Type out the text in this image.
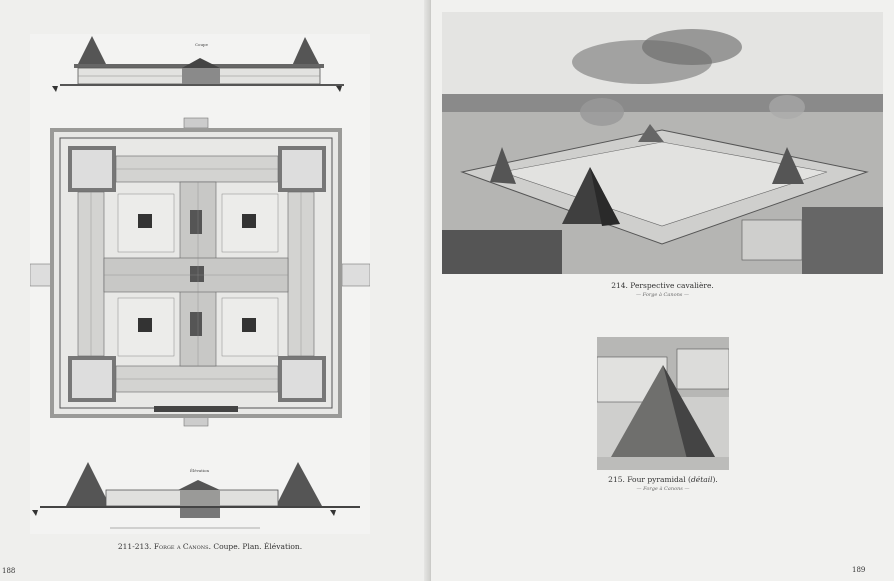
Coupe
Élévation
211-213. Forge a Canons. Coupe. Plan. Élévation.
188
214. Perspective cavalière.
— Forge à Canons —
215. Four pyramidal (détail).
— Forge à Canons —
189
